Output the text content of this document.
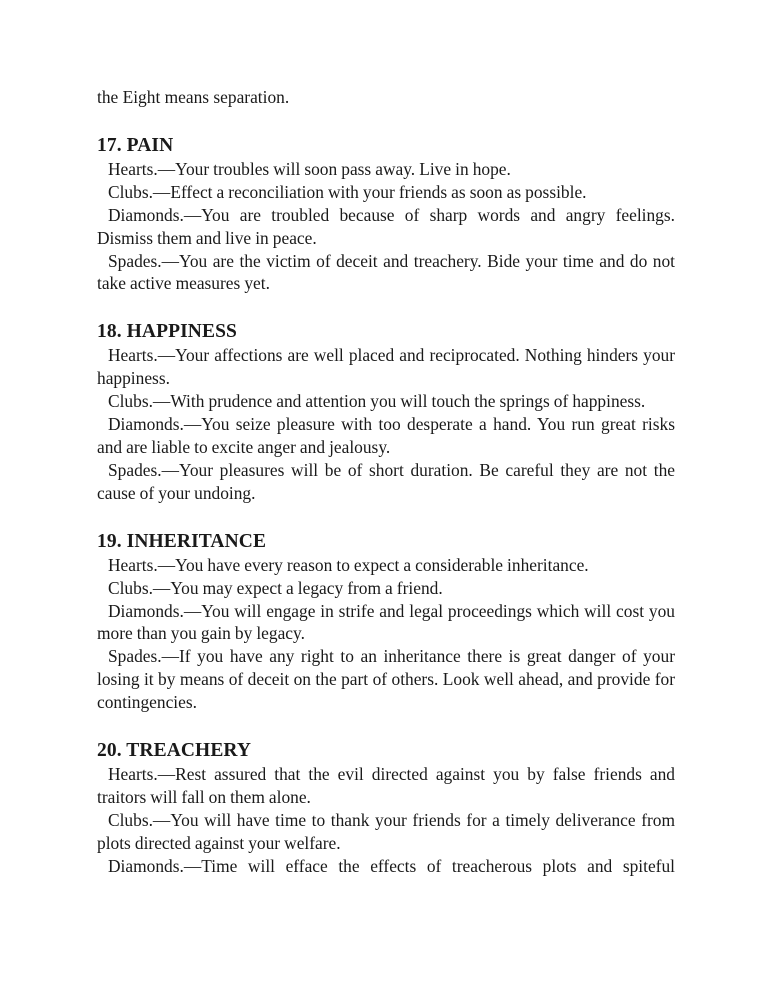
the Eight means separation.

17. PAIN

Hearts.—Your troubles will soon pass away. Live in hope.

Clubs.—Effect a reconciliation with your friends as soon as possible.

Diamonds.—You are troubled because of sharp words and angry feelings. Dismiss them and live in peace.

Spades.—You are the victim of deceit and treachery. Bide your time and do not take active measures yet.

18. HAPPINESS

Hearts.—Your affections are well placed and reciprocated. Nothing hinders your happiness.

Clubs.—With prudence and attention you will touch the springs of happiness.

Diamonds.—You seize pleasure with too desperate a hand. You run great risks and are liable to excite anger and jealousy.

Spades.—Your pleasures will be of short duration. Be careful they are not the cause of your undoing.

19. INHERITANCE

Hearts.—You have every reason to expect a considerable inheritance.

Clubs.—You may expect a legacy from a friend.

Diamonds.—You will engage in strife and legal proceedings which will cost you more than you gain by legacy.

Spades.—If you have any right to an inheritance there is great danger of your losing it by means of deceit on the part of others. Look well ahead, and provide for contingencies.

20. TREACHERY

Hearts.—Rest assured that the evil directed against you by false friends and traitors will fall on them alone.

Clubs.—You will have time to thank your friends for a timely deliverance from plots directed against your welfare.

Diamonds.—Time will efface the effects of treacherous plots and spiteful
